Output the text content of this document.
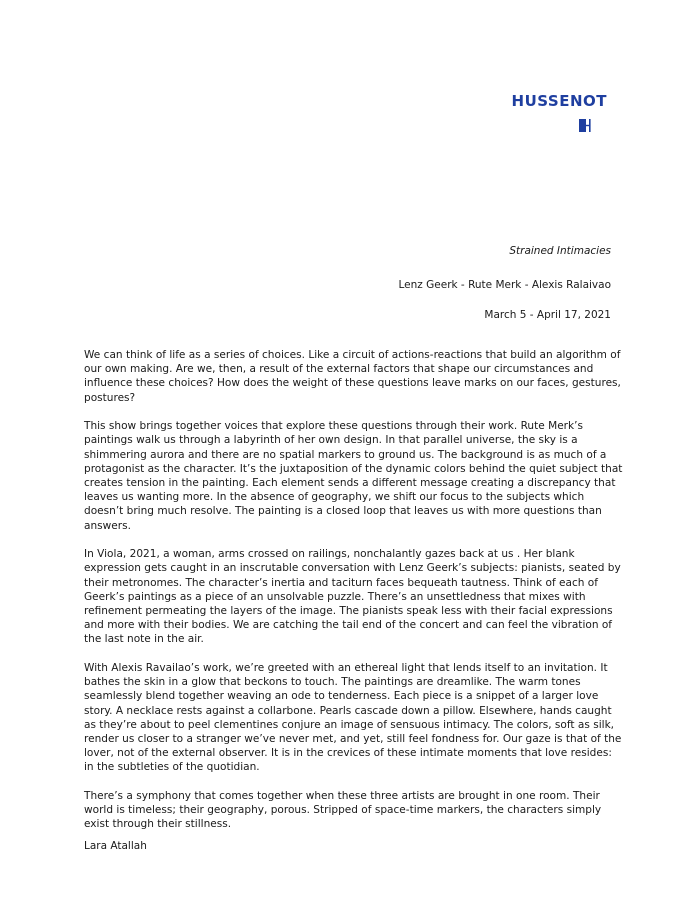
HUSSENOT
Strained Intimacies
Lenz Geerk - Rute Merk - Alexis Ralaivao
March 5 - April 17, 2021

We can think of life as a series of choices. Like a circuit of actions-reactions that build an algorithm of our own making. Are we, then, a result of the external factors that shape our circumstances and influence these choices? How does the weight of these questions leave marks on our faces, gestures, postures?

This show brings together voices that explore these questions through their work. Rute Merk’s paintings walk us through a labyrinth of her own design. In that parallel universe, the sky is a shimmering aurora and there are no spatial markers to ground us. The background is as much of a protagonist as the character. It’s the juxtaposition of the dynamic colors behind the quiet subject that creates tension in the painting. Each element sends a different message creating a discrepancy that leaves us wanting more. In the absence of geography, we shift our focus to the subjects which doesn’t bring much resolve. The painting is a closed loop that leaves us with more questions than answers.

In Viola, 2021, a woman, arms crossed on railings, nonchalantly gazes back at us . Her blank expression gets caught in an inscrutable conversation with Lenz Geerk’s subjects: pianists, seated by their metronomes. The character’s inertia and taciturn faces bequeath tautness. Think of each of Geerk’s paintings as a piece of an unsolvable puzzle. There’s an unsettledness that mixes with refinement permeating the layers of the image. The pianists speak less with their facial expressions and more with their bodies. We are catching the tail end of the concert and can feel the vibration of the last note in the air.

With Alexis Ravailao’s work, we’re greeted with an ethereal light that lends itself to an invitation. It bathes the skin in a glow that beckons to touch. The paintings are dreamlike. The warm tones seamlessly blend together weaving an ode to tenderness. Each piece is a snippet of a larger love story. A necklace rests against a collarbone. Pearls cascade down a pillow. Elsewhere, hands caught as they’re about to peel clementines conjure an image of sensuous intimacy. The colors, soft as silk, render us closer to a stranger we’ve never met, and yet, still feel fondness for. Our gaze is that of the lover, not of the external observer. It is in the crevices of these intimate moments that love resides: in the subtleties of the quotidian.

There’s a symphony that comes together when these three artists are brought in one room. Their world is timeless; their geography, porous. Stripped of space-time markers, the characters simply exist through their stillness.

Lara Atallah
